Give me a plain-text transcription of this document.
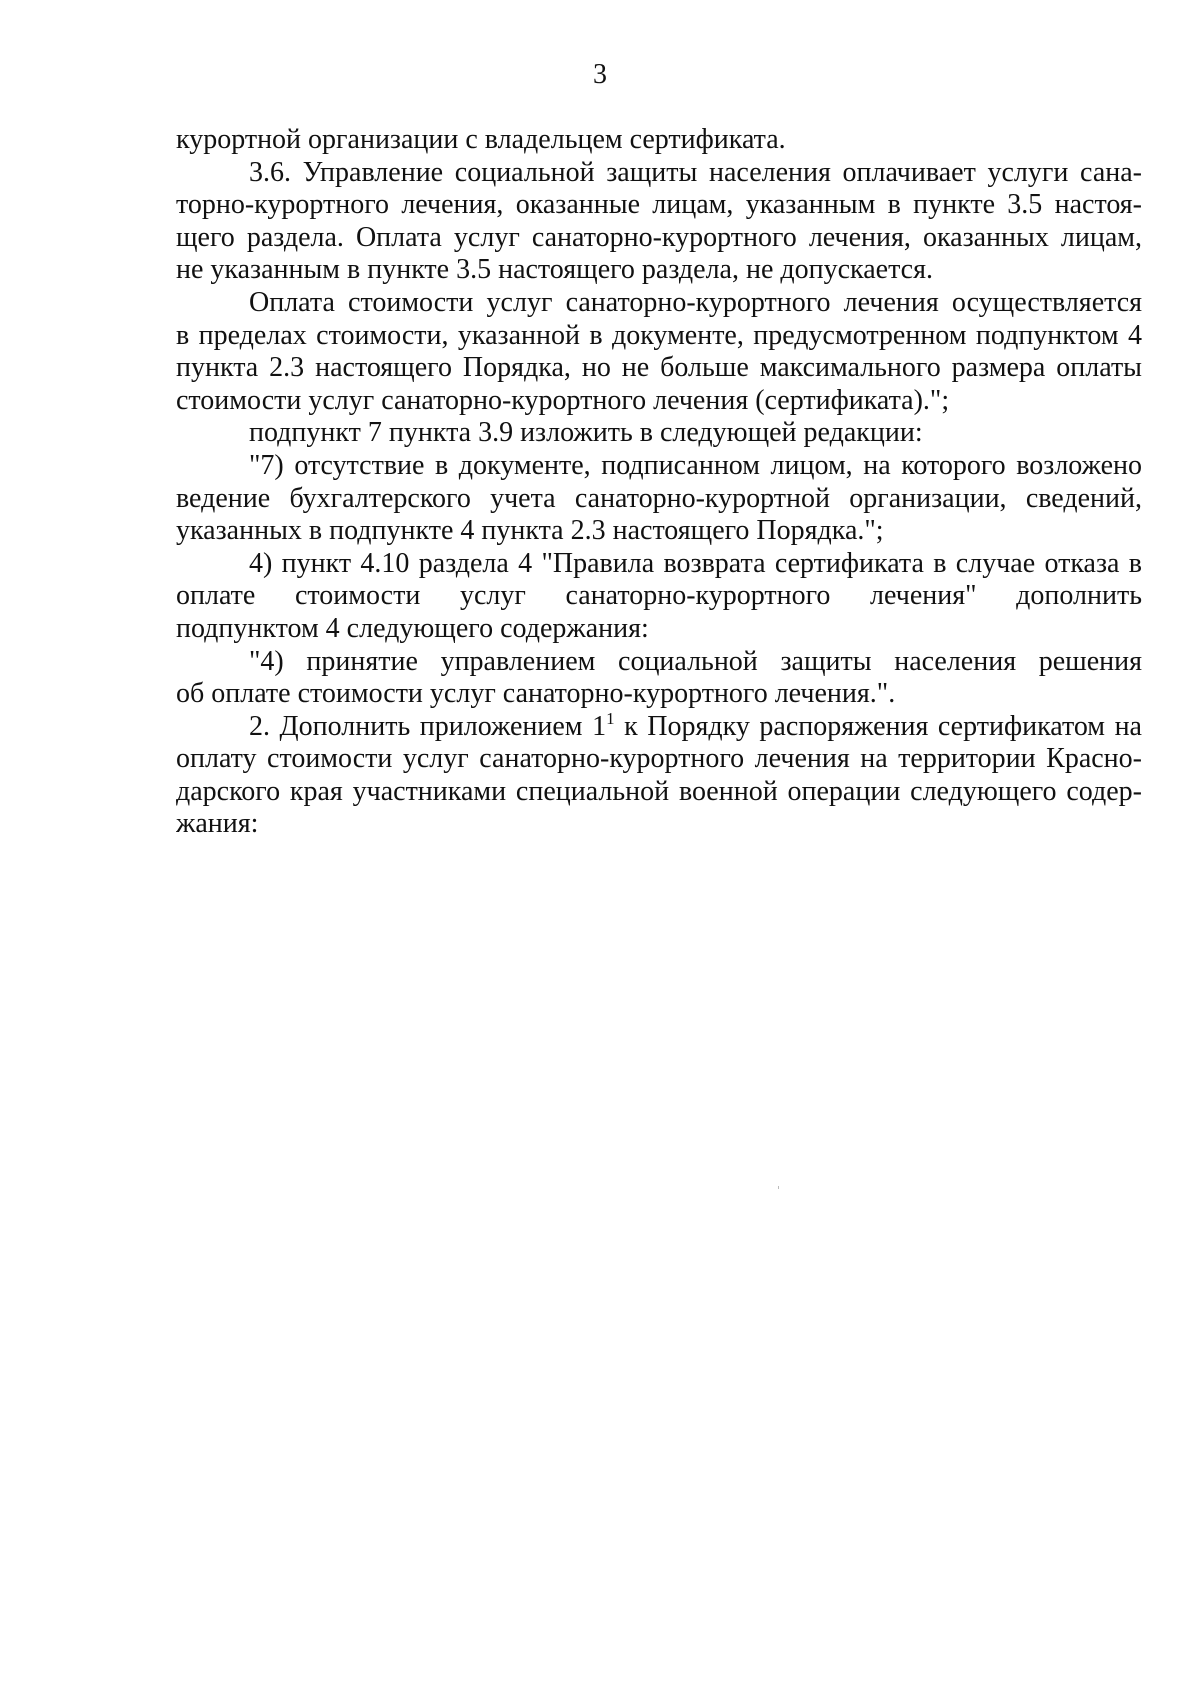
3
курортной организации с владельцем сертификата.
3.6. Управление социальной защиты населения оплачивает услуги сана-
торно-курортного лечения, оказанные лицам, указанным в пункте 3.5 настоя-
щего раздела. Оплата услуг санаторно-курортного лечения, оказанных лицам,
не указанным в пункте 3.5 настоящего раздела, не допускается.
Оплата стоимости услуг санаторно-курортного лечения осуществляется
в пределах стоимости, указанной в документе, предусмотренном подпунктом 4
пункта 2.3 настоящего Порядка, но не больше максимального размера оплаты
стоимости услуг санаторно-курортного лечения (сертификата).";
подпункт 7 пункта 3.9 изложить в следующей редакции:
"7) отсутствие в документе, подписанном лицом, на которого возложено
ведение бухгалтерского учета санаторно-курортной организации, сведений,
указанных в подпункте 4 пункта 2.3 настоящего Порядка.";
4) пункт 4.10 раздела 4 "Правила возврата сертификата в случае отказа в
оплате стоимости услуг санаторно-курортного лечения" дополнить
подпунктом 4 следующего содержания:
"4) принятие управлением социальной защиты населения решения
об оплате стоимости услуг санаторно-курортного лечения.".
2. Дополнить приложением $1^1$ к Порядку распоряжения сертификатом на
оплату стоимости услуг санаторно-курортного лечения на территории Красно-
дарского края участниками специальной военной операции следующего содер-
жания:
